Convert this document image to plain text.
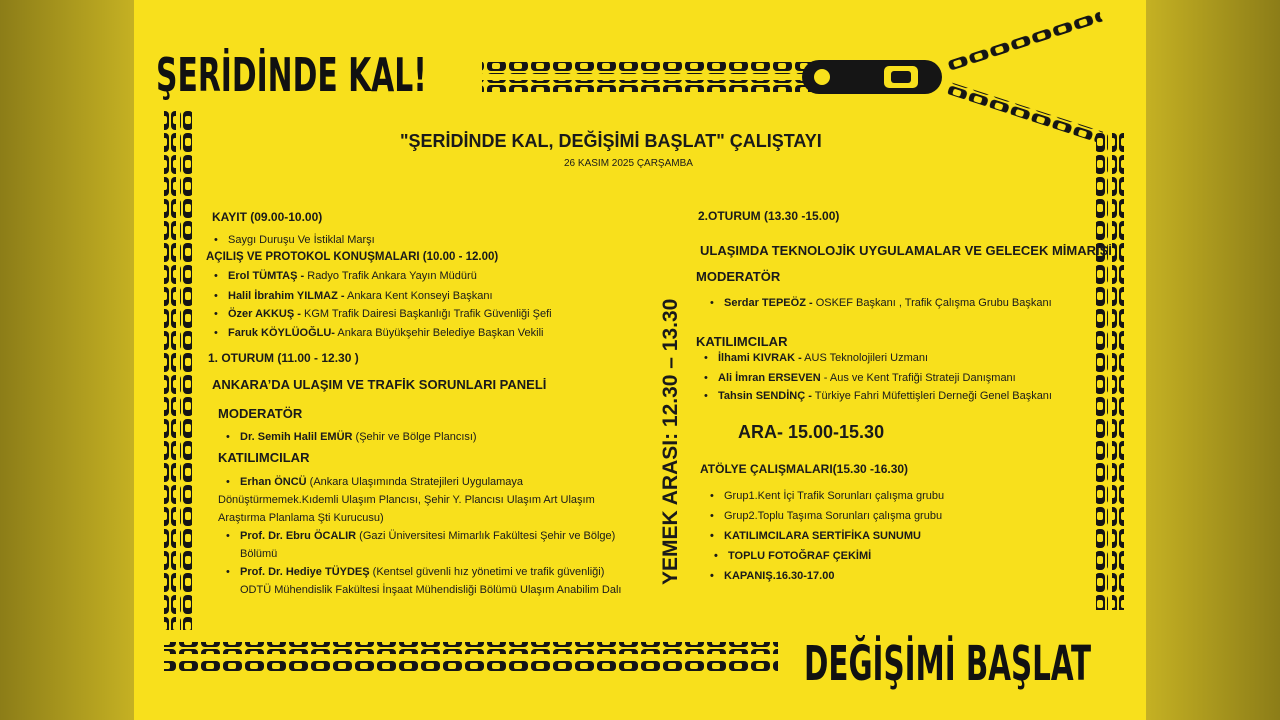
ŞERİDİNDE KAL!
DEĞİŞİMİ BAŞLAT
"ŞERİDİNDE KAL, DEĞİŞİMİ BAŞLAT" ÇALIŞTAYI
26 KASIM 2025 ÇARŞAMBA
KAYIT (09.00-10.00)
• Saygı Duruşu Ve İstiklal Marşı
AÇILIŞ VE PROTOKOL KONUŞMALARI (10.00 - 12.00)
• Erol TÜMTAŞ - Radyo Trafik Ankara Yayın Müdürü
• Halil İbrahim YILMAZ - Ankara Kent Konseyi Başkanı
• Özer AKKUŞ - KGM Trafik Dairesi Başkanlığı Trafik Güvenliği Şefi
• Faruk KÖYLÜOĞLU- Ankara Büyükşehir Belediye Başkan Vekili
1. OTURUM (11.00 - 12.30 )
ANKARA’DA ULAŞIM VE TRAFİK SORUNLARI PANELİ
MODERATÖR
• Dr. Semih Halil EMÜR (Şehir ve Bölge Plancısı)
KATILIMCILAR
• Erhan ÖNCÜ (Ankara Ulaşımında Stratejileri Uygulamaya
Dönüştürmemek.Kıdemli Ulaşım Plancısı, Şehir Y. Plancısı Ulaşım Art Ulaşım
Araştırma Planlama Şti Kurucusu)
• Prof. Dr. Ebru ÖCALIR (Gazi Üniversitesi Mimarlık Fakültesi Şehir ve Bölge)
Bölümü
• Prof. Dr. Hediye TÜYDEŞ (Kentsel güvenli hız yönetimi ve trafik güvenliği)
ODTÜ Mühendislik Fakültesi İnşaat Mühendisliği Bölümü Ulaşım Anabilim Dalı
YEMEK ARASI: 12.30 – 13.30
2.OTURUM (13.30 -15.00)
ULAŞIMDA TEKNOLOJİK UYGULAMALAR VE GELECEK MİMARİSİ
MODERATÖR
• Serdar TEPEÖZ - OSKEF Başkanı , Trafik Çalışma Grubu Başkanı
KATILIMCILAR
• İlhami KIVRAK - AUS Teknolojileri Uzmanı
• Ali İmran ERSEVEN - Aus ve Kent Trafiği Strateji Danışmanı
• Tahsin SENDİNÇ - Türkiye Fahri Müfettişleri Derneği Genel Başkanı
ARA- 15.00-15.30
ATÖLYE ÇALIŞMALARI(15.30 -16.30)
• Grup1.Kent İçi Trafik Sorunları çalışma grubu
• Grup2.Toplu Taşıma Sorunları çalışma grubu
• KATILIMCILARA SERTİFİKA SUNUMU
• TOPLU FOTOĞRAF ÇEKİMİ
• KAPANIŞ.16.30-17.00
